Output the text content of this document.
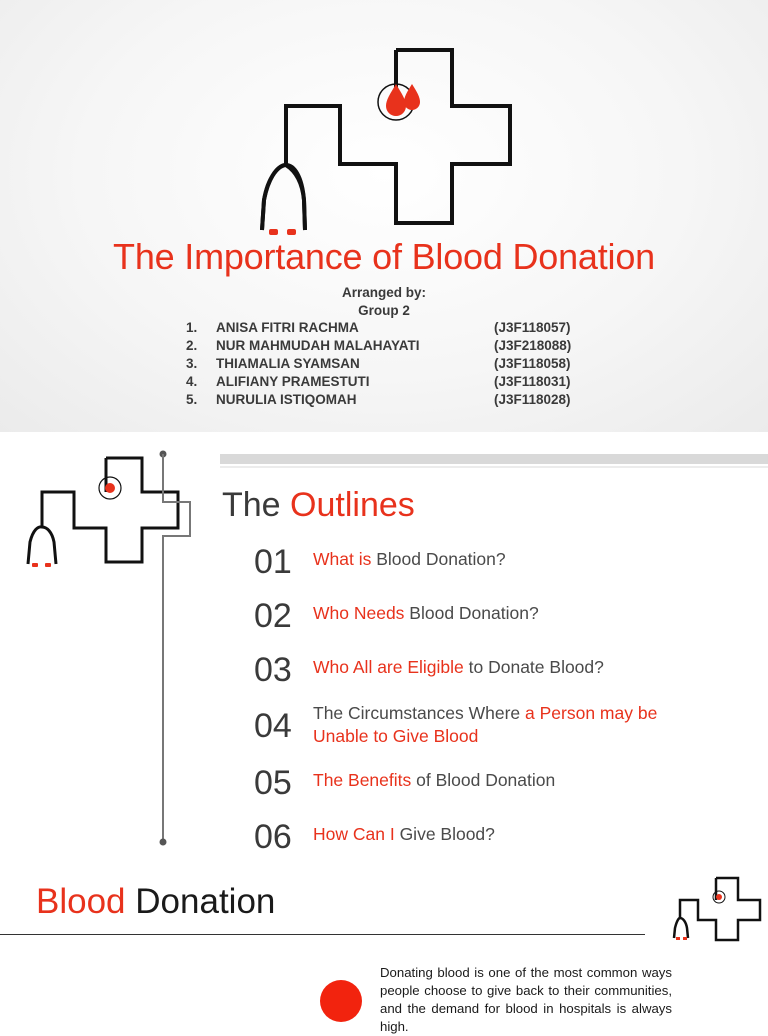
The Importance of Blood Donation
Arranged by:
Group 2
1. ANISA FITRI RACHMA	(J3F118057)
2. NUR MAHMUDAH MALAHAYATI	(J3F218088)
3. THIAMALIA SYAMSAN	(J3F118058)
4. ALIFIANY PRAMESTUTI	(J3F118031)
5. NURULIA ISTIQOMAH	(J3F118028)
The Outlines
01 What is Blood Donation?
02 Who Needs Blood Donation?
03 Who All are Eligible to Donate Blood?
04 The Circumstances Where a Person may be Unable to Give Blood
05 The Benefits of Blood Donation
06 How Can I Give Blood?
Blood Donation
Donating blood is one of the most common ways people choose to give back to their communities, and the demand for blood in hospitals is always high.
